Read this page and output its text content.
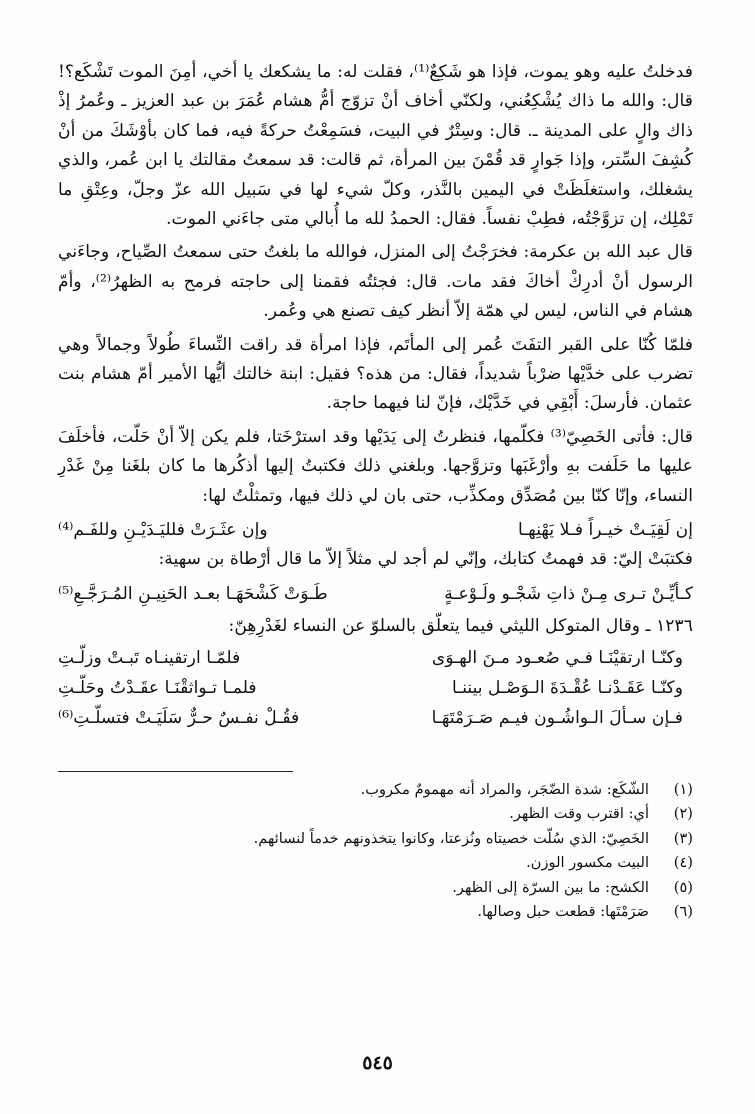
فدخلتُ عليه وهو يموت، فإذا هو شَكِعٌ⁽¹⁾، فقلت له: ما يشكعك يا أخي، أمِنَ الموت تَشْكَع؟! قال: والله ما ذاك يُشْكِعُني، ولكنّي أخاف أنْ تزوّج أمُّ هشام عُمَرَ بن عبد العزيز ـ وعُمرُ إذْ ذاك والٍ على المدينة ـ. قال: وسِتْرٌ في البيت، فسَمِعْتُ حركةً فيه، فما كان بأوْشَكَ من أنْ كُشِفَ السِّتر، وإذا جَوارٍ قد قُمْنَ بين المرأة، ثم قالت: قد سمعتُ مقالتك يا ابن عُمر، والذي يشغلك، واستغلَظَتْ في اليمين بالنَّذر، وكلّ شيء لها في سَبيل الله عزّ وجلّ، وعِتْقِ ما تَمْلِك، إن تزوَّجْتُه، فطِبْ نفساً. فقال: الحمدُ لله ما أُبالي متى جاءَني الموت.

قال عبد الله بن عكرمة: فخرَجْتُ إلى المنزل، فوالله ما بلغتُ حتى سمعتُ الصِّياح، وجاءَني الرسول أنْ أدرِكْ أخاكَ فقد مات. قال: فجئتُه فقمنا إلى حاجته فرمح به الظهرُ⁽²⁾، وأمّ هشام في الناس، ليس لي همّة إلاّ أنظر كيف تصنع هي وعُمر.

فلمّا كُنّا على القبر التفَتَ عُمر إلى المأتَم، فإذا امرأة قد راقت النِّساءَ طُولاً وجمالاً وهي تضرب على خدَّيْها ضرْباً شديداً، فقال: من هذه؟ فقيل: ابنة خالتك أيُّها الأمير أمّ هشام بنت عثمان. فأرسلَ: أَبْقِي في خَدَّيْك، فإنّ لنا فيهما حاجة.

قال: فأتى الخَصِيّ⁽³⁾ فكلّمها، فنظرتُ إلى يَدَيْها وقد استرْخَتا، فلم يكن إلاّ أنْ حَلّت، فأخلَفَ عليها ما حَلَفت بهِ وأرْغَبَها وتزوَّجها. وبلغني ذلك فكتبتُ إليها أذكُرها ما كان بلغَنا مِنْ غَدْرِ النساء، وإنّا كنّا بين مُصَدِّق ومكذِّب، حتى بان لي ذلك فيها، وتمثلْتُ لها:

إن لَقِيَـتْ خيـراً فـلا يَهْنِهـا
وإن عثَـرَتْ فلليَـدَيْـنِ وللفَـم⁽⁴⁾

فكتبَتْ إليّ: قد فهمتُ كتابك، وإنّي لم أجد لي مثلاً إلاّ ما قال أرْطاة بن سهية:

كـأيِّـنْ تـرى مِـنْ ذاتِ شَجْـو ولَـوْعـةٍ
طَـوَتْ كَشْحَهَـا بعـد الحَنِيـنِ المُـرَجَّـعِ⁽⁵⁾
١٢٣٦ ـ وقال المتوكل الليثي فيما يتعلّق بالسلوّ عن النساء لغَدْرِهِنّ:
وكنّـا ارتقيْنَـا فـي صُعـود مـنَ الهـوَى
فلمّـا ارتقينـاه تَبـتْ وزلّـتِ
وكنّـا عَقَـدْنـا عُقْـدَةَ الـوَصْـل بيننـا
فلمـا تـواثقْنَـا عقَـدْتُ وحَلّـتِ
فـإن سـألَ الـواشُـون فيـم صَـرَمْتَهَـا
فقُـلْ نفـسٌ حـرٌّ سَلَيَـتْ فتسلّـتِ⁽⁶⁾
(١)
الشّكَع: شدة الضّجَر، والمراد أنه مهمومٌ مكروب.
(٢)
أي: اقترب وقت الظهر.
(٣)
الخَصِيّ: الذي سُلّت خصيتاه ونُزعتا، وكانوا يتخذونهم خدماً لنسائهم.
(٤)
البيت مكسور الوزن.
(٥)
الكشح: ما بين السرّة إلى الظهر.
(٦)
صَرَمْتَها: قطعت حبل وصالها.
٥٤٥
